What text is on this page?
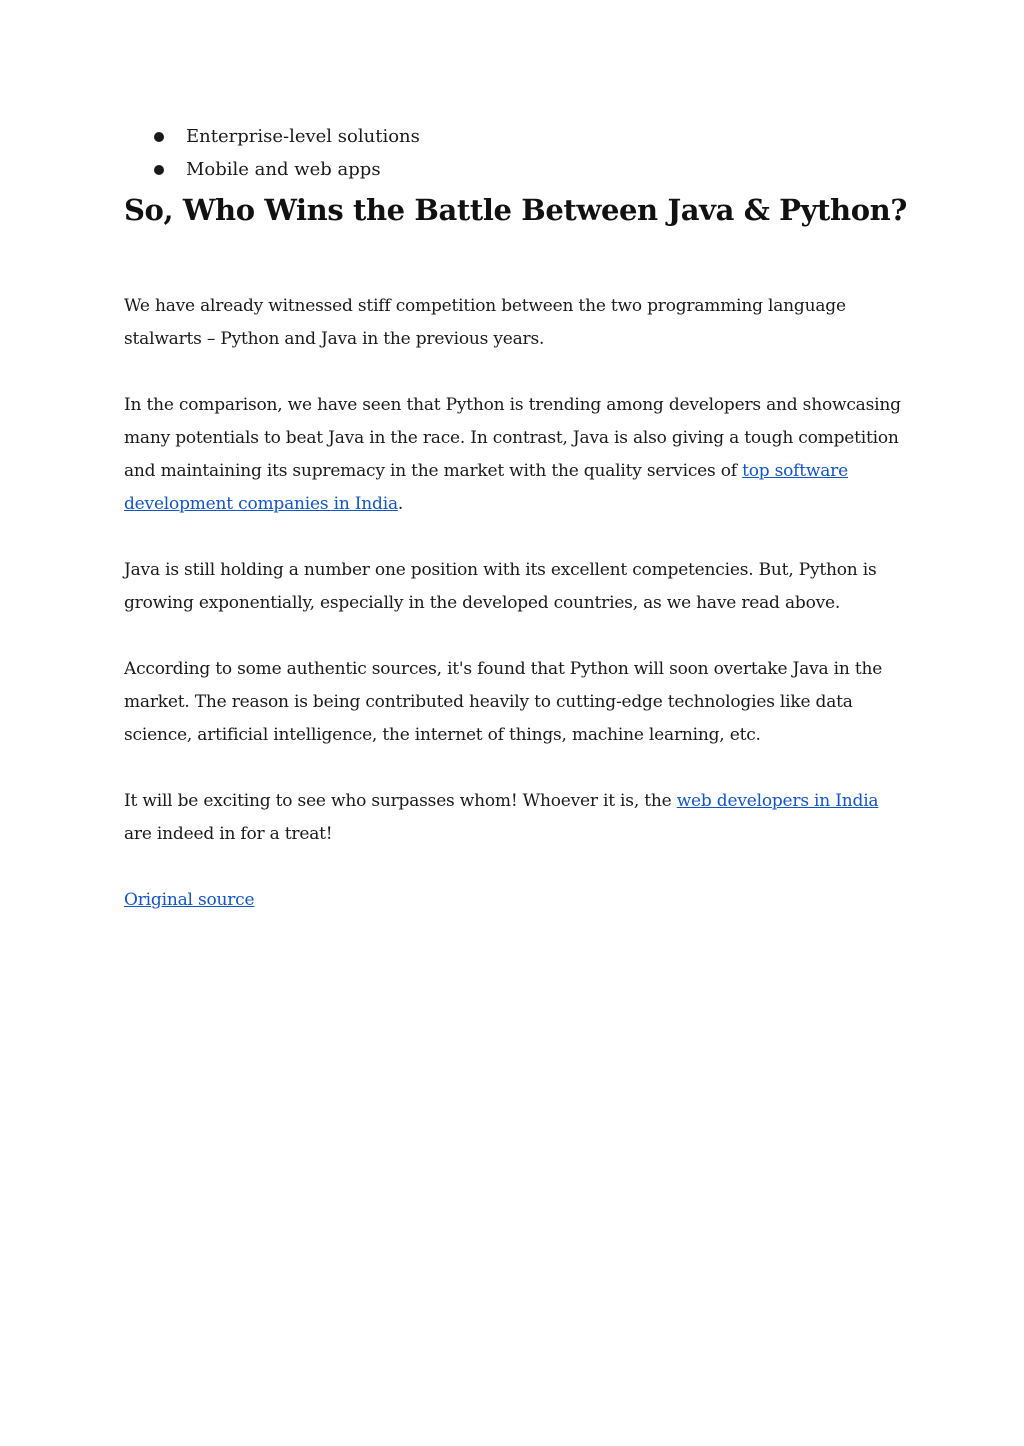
Enterprise-level solutions
Mobile and web apps
So, Who Wins the Battle Between Java & Python?

We have already witnessed stiff competition between the two programming language stalwarts – Python and Java in the previous years.

In the comparison, we have seen that Python is trending among developers and showcasing many potentials to beat Java in the race. In contrast, Java is also giving a tough competition and maintaining its supremacy in the market with the quality services of top software development companies in India.

Java is still holding a number one position with its excellent competencies. But, Python is growing exponentially, especially in the developed countries, as we have read above.

According to some authentic sources, it's found that Python will soon overtake Java in the market. The reason is being contributed heavily to cutting-edge technologies like data science, artificial intelligence, the internet of things, machine learning, etc.

It will be exciting to see who surpasses whom! Whoever it is, the web developers in India are indeed in for a treat!

Original source
